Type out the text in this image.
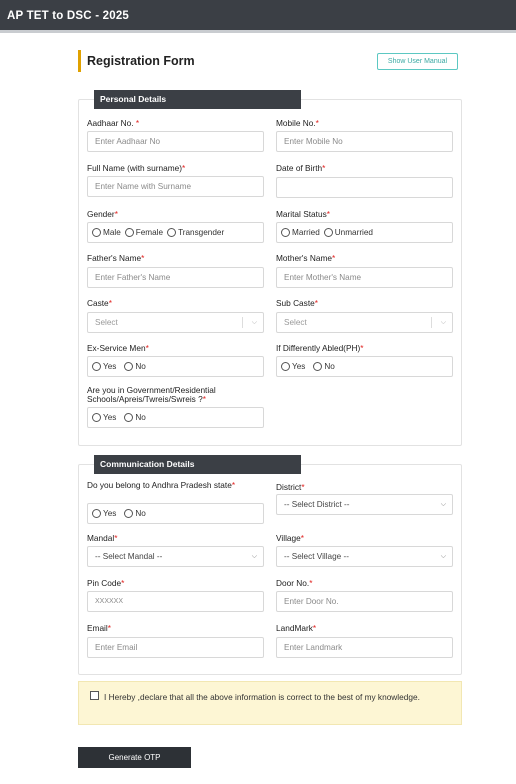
AP TET to DSC - 2025
Registration Form	Show User Manual
Personal Details
Aadhaar No. *
Enter Aadhaar No
Mobile No.*
Enter Mobile No
Full Name (with surname)*
Enter Name with Surname
Date of Birth*
Gender*
Male Female Transgender
Marital Status*
Married Unmarried
Father's Name*
Enter Father's Name
Mother's Name*
Enter Mother's Name
Caste*
Select	⌵
Sub Caste*
Select	⌵
Ex-Service Men*
Yes No
If Differently Abled(PH)*
Yes No
Are you in Government/Residential Schools/Apreis/Twreis/Swreis ?*
Yes No
Communication Details
Do you belong to Andhra Pradesh state*
Yes No
District*
-- Select District --	⌵
Mandal*
-- Select Mandal --	⌵
Village*
-- Select Village --	⌵
Pin Code*
XXXXXX
Door No.*
Enter Door No.
Email*
Enter Email
LandMark*
Enter Landmark
I Hereby ,declare that all the above information is correct to the best of my knowledge.
Generate OTP
